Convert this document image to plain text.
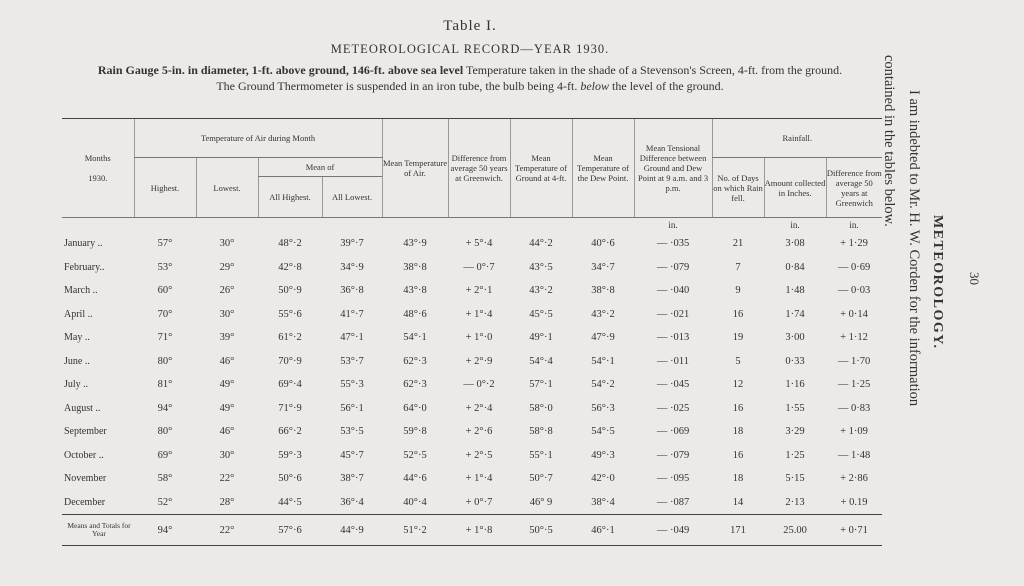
Table I.
METEOROLOGICAL RECORD—YEAR 1930.
Rain Gauge 5-in. in diameter, 1-ft. above ground, 146-ft. above sea level Temperature taken in the shade of a Stevenson's Screen, 4-ft. from the ground. The Ground Thermometer is suspended in an iron tube, the bulb being 4-ft. below the level of the ground.
Months

1930.	Temperature of Air during Month				Mean Temperature of Air.	Difference from average 50 years at Greenwich.	Mean Temperature of Ground at 4-ft.	Mean Temperature of the Dew Point.	Mean Tensional Difference between Ground and Dew Point at 9 a.m. and 3 p.m.	Rainfall.		
	Highest.	Lowest.	Mean of							No. of Days on which Rain fell.	Amount collected in Inches.	Difference from average 50 years at Greenwich
			All Highest.	All Lowest.								
									in.		in.	in.
January ..	57°	30°	48°·2	39°·7	43°·9	+ 5°·4	44°·2	40°·6	— ·035	21	3·08	+ 1·29
February..	53°	29°	42°·8	34°·9	38°·8	— 0°·7	43°·5	34°·7	— ·079	7	0·84	— 0·69
March ..	60°	26°	50°·9	36°·8	43°·8	+ 2°·1	43°·2	38°·8	— ·040	9	1·48	— 0·03
April ..	70°	30°	55°·6	41°·7	48°·6	+ 1°·4	45°·5	43°·2	— ·021	16	1·74	+ 0·14
May ..	71°	39°	61°·2	47°·1	54°·1	+ 1°·0	49°·1	47°·9	— ·013	19	3·00	+ 1·12
June ..	80°	46°	70°·9	53°·7	62°·3	+ 2°·9	54°·4	54°·1	— ·011	5	0·33	— 1·70
July ..	81°	49°	69°·4	55°·3	62°·3	— 0°·2	57°·1	54°·2	— ·045	12	1·16	— 1·25
August ..	94°	49°	71°·9	56°·1	64°·0	+ 2°·4	58°·0	56°·3	— ·025	16	1·55	— 0·83
September	80°	46°	66°·2	53°·5	59°·8	+ 2°·6	58°·8	54°·5	— ·069	18	3·29	+ 1·09
October ..	69°	30°	59°·3	45°·7	52°·5	+ 2°·5	55°·1	49°·3	— ·079	16	1·25	— 1·48
November	58°	22°	50°·6	38°·7	44°·6	+ 1°·4	50°·7	42°·0	— ·095	18	5·15	+ 2·86
December	52°	28°	44°·5	36°·4	40°·4	+ 0°·7	46° 9	38°·4	— ·087	14	2·13	+ 0.19
Means and Totals for Year	94°	22°	57°·6	44°·9	51°·2	+ 1°·8	50°·5	46°·1	— ·049	171	25.00	+ 0·71

30
METEOROLOGY.
I am indebted to Mr. H. W. Corden for the information
contained in the tables below.
